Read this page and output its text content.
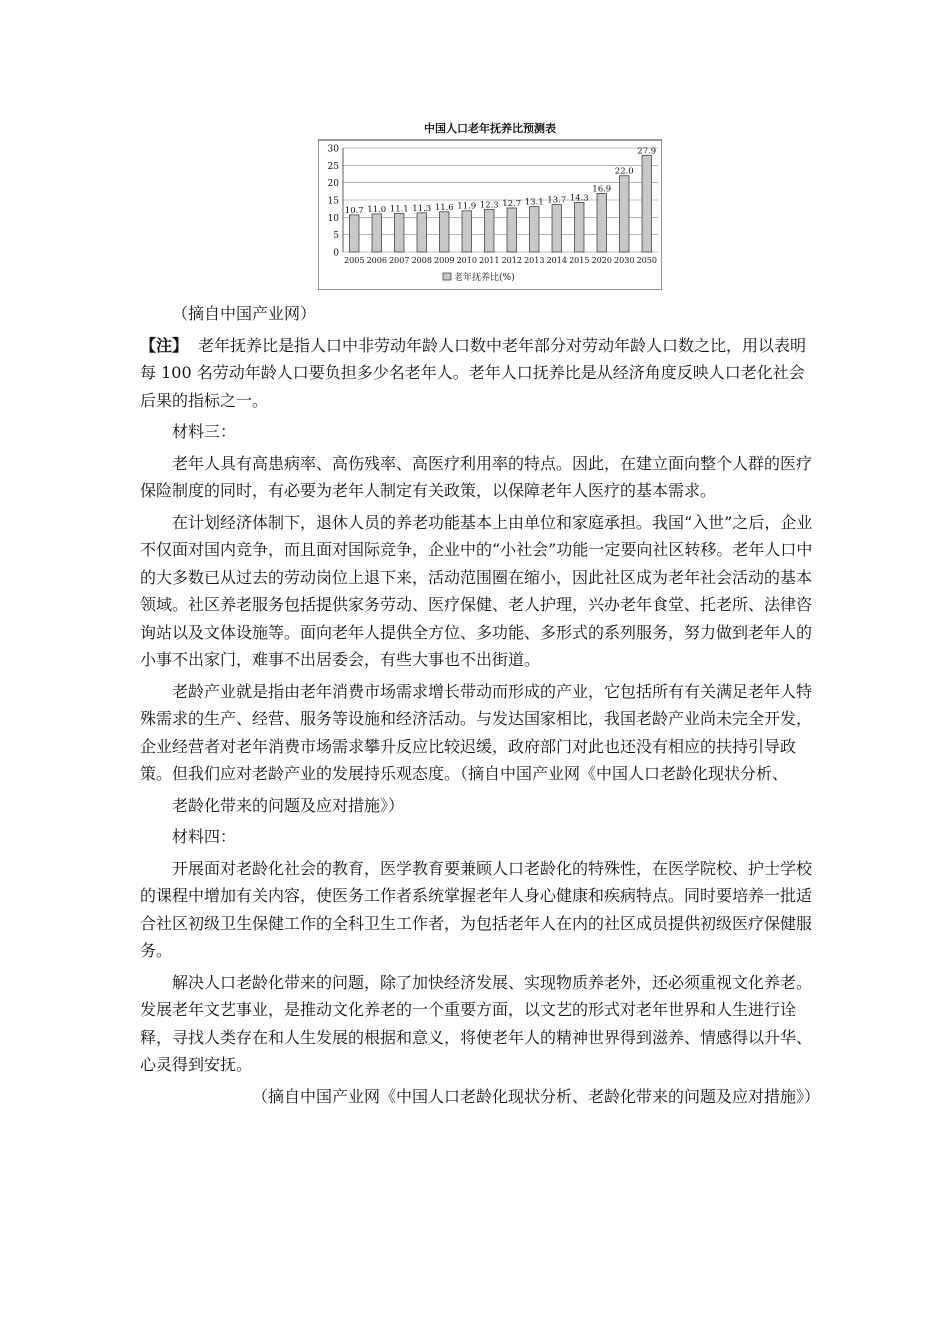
中国人口老年抚养比预测表
0
5
10
15
20
25
30
10.7 11.0 11.1 11.3 11.6 11.9 12.3 12.7 13.1 13.7 14.3
16.9
22.0
27.9
2005 2006 2007 2008 2009 2010 2011 2012 2013 2014 2015 2020 2030 2050
老年抚养比(%)

（摘自中国产业网）

【注】 老年抚养比是指人口中非劳动年龄人口数中老年部分对劳动年龄人口数之比，用以表明每 100 名劳动年龄人口要负担多少名老年人。老年人口抚养比是从经济角度反映人口老化社会后果的指标之一。

材料三：

老年人具有高患病率、高伤残率、高医疗利用率的特点。因此，在建立面向整个人群的医疗保险制度的同时，有必要为老年人制定有关政策，以保障老年人医疗的基本需求。

在计划经济体制下，退休人员的养老功能基本上由单位和家庭承担。我国“入世”之后，企业不仅面对国内竞争，而且面对国际竞争，企业中的“小社会”功能一定要向社区转移。老年人口中的大多数已从过去的劳动岗位上退下来，活动范围圈在缩小，因此社区成为老年社会活动的基本领域。社区养老服务包括提供家务劳动、医疗保健、老人护理，兴办老年食堂、托老所、法律咨询站以及文体设施等。面向老年人提供全方位、多功能、多形式的系列服务，努力做到老年人的小事不出家门，难事不出居委会，有些大事也不出街道。

老龄产业就是指由老年消费市场需求增长带动而形成的产业，它包括所有有关满足老年人特殊需求的生产、经营、服务等设施和经济活动。与发达国家相比，我国老龄产业尚未完全开发，企业经营者对老年消费市场需求攀升反应比较迟缓，政府部门对此也还没有相应的扶持引导政策。但我们应对老龄产业的发展持乐观态度。（摘自中国产业网《中国人口老龄化现状分析、

老龄化带来的问题及应对措施》）

材料四：

开展面对老龄化社会的教育，医学教育要兼顾人口老龄化的特殊性，在医学院校、护士学校的课程中增加有关内容，使医务工作者系统掌握老年人身心健康和疾病特点。同时要培养一批适合社区初级卫生保健工作的全科卫生工作者，为包括老年人在内的社区成员提供初级医疗保健服务。

解决人口老龄化带来的问题，除了加快经济发展、实现物质养老外，还必须重视文化养老。发展老年文艺事业，是推动文化养老的一个重要方面，以文艺的形式对老年世界和人生进行诠释，寻找人类存在和人生发展的根据和意义，将使老年人的精神世界得到滋养、情感得以升华、心灵得到安抚。

（摘自中国产业网《中国人口老龄化现状分析、老龄化带来的问题及应对措施》）
